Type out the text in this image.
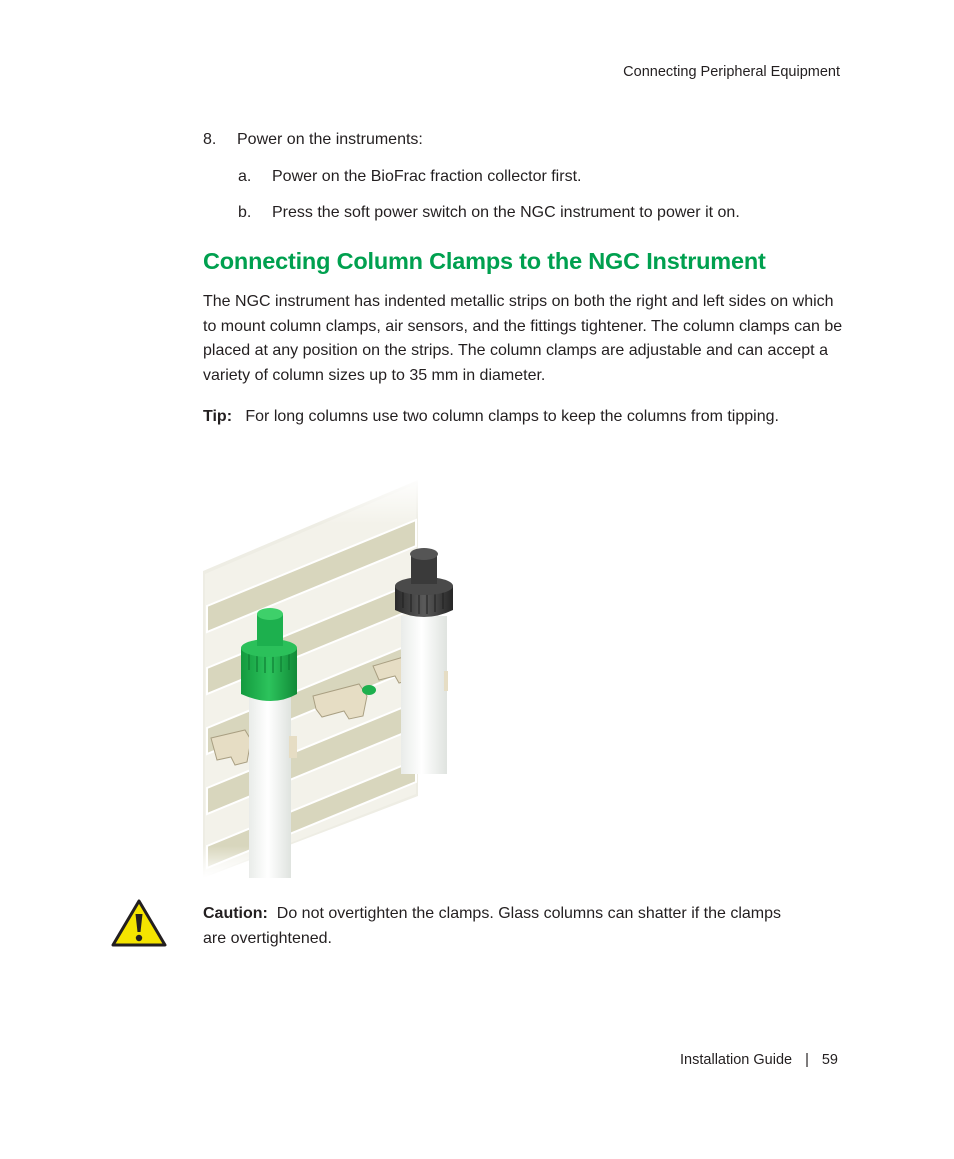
Connecting Peripheral Equipment
8. Power on the instruments:
a. Power on the BioFrac fraction collector first.
b. Press the soft power switch on the NGC instrument to power it on.
Connecting Column Clamps to the NGC Instrument

The NGC instrument has indented metallic strips on both the right and left sides on which to mount column clamps, air sensors, and the fittings tightener. The column clamps can be placed at any position on the strips. The column clamps are adjustable and can accept a variety of column sizes up to 35 mm in diameter.

Tip: For long columns use two column clamps to keep the columns from tipping.

Caution: Do not overtighten the clamps. Glass columns can shatter if the clamps are overtightened.

Installation Guide | 59
